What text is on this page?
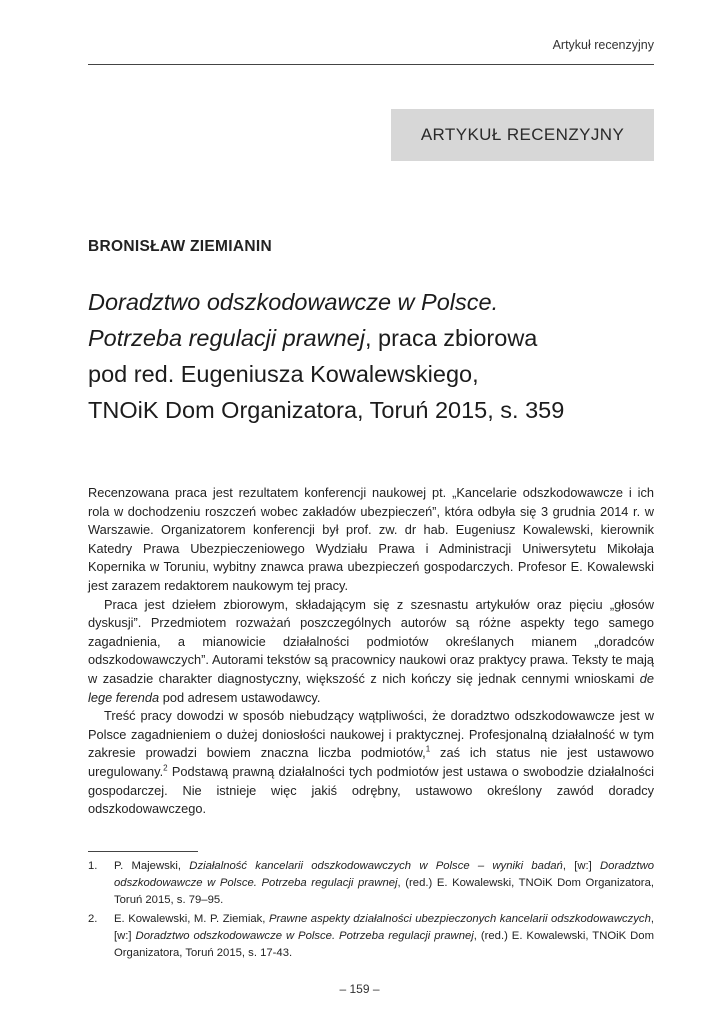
Artykuł recenzyjny
ARTYKUŁ RECENZYJNY
BRONISŁAW ZIEMIANIN
Doradztwo odszkodowawcze w Polsce.
Potrzeba regulacji prawnej, praca zbiorowa
pod red. Eugeniusza Kowalewskiego,
TNOiK Dom Organizatora, Toruń 2015, s. 359

Recenzowana praca jest rezultatem konferencji naukowej pt. „Kancelarie odszkodowawcze i ich rola w dochodzeniu roszczeń wobec zakładów ubezpieczeń”, która odbyła się 3 grudnia 2014 r. w Warszawie. Organizatorem konferencji był prof. zw. dr hab. Eugeniusz Kowalewski, kierownik Katedry Prawa Ubezpieczeniowego Wydziału Prawa i Administracji Uniwersytetu Mikołaja Kopernika w Toruniu, wybitny znawca prawa ubezpieczeń gospodarczych. Profesor E. Kowalewski jest zarazem redaktorem naukowym tej pracy.

Praca jest dziełem zbiorowym, składającym się z szesnastu artykułów oraz pięciu „głosów dyskusji”. Przedmiotem rozważań poszczególnych autorów są różne aspekty tego samego zagadnienia, a mianowicie działalności podmiotów określanych mianem „doradców odszkodowawczych”. Autorami tekstów są pracownicy naukowi oraz praktycy prawa. Teksty te mają w zasadzie charakter diagnostyczny, większość z nich kończy się jednak cennymi wnioskami de lege ferenda pod adresem ustawodawcy.

Treść pracy dowodzi w sposób niebudzący wątpliwości, że doradztwo odszkodowawcze jest w Polsce zagadnieniem o dużej doniosłości naukowej i praktycznej. Profesjonalną działalność w tym zakresie prowadzi bowiem znaczna liczba podmiotów,$^1$ zaś ich status nie jest ustawowo uregulowany.$^2$ Podstawą prawną działalności tych podmiotów jest ustawa o swobodzie działalności gospodarczej. Nie istnieje więc jakiś odrębny, ustawowo określony zawód doradcy odszkodowawczego.

1.	P. Majewski, Działalność kancelarii odszkodowawczych w Polsce – wyniki badań, [w:] Doradztwo odszkodowawcze w Polsce. Potrzeba regulacji prawnej, (red.) E. Kowalewski, TNOiK Dom Organizatora, Toruń 2015, s. 79–95.
2.	E. Kowalewski, M. P. Ziemiak, Prawne aspekty działalności ubezpieczonych kancelarii odszkodowawczych, [w:] Doradztwo odszkodowawcze w Polsce. Potrzeba regulacji prawnej, (red.) E. Kowalewski, TNOiK Dom Organizatora, Toruń 2015, s. 17-43.
– 159 –
